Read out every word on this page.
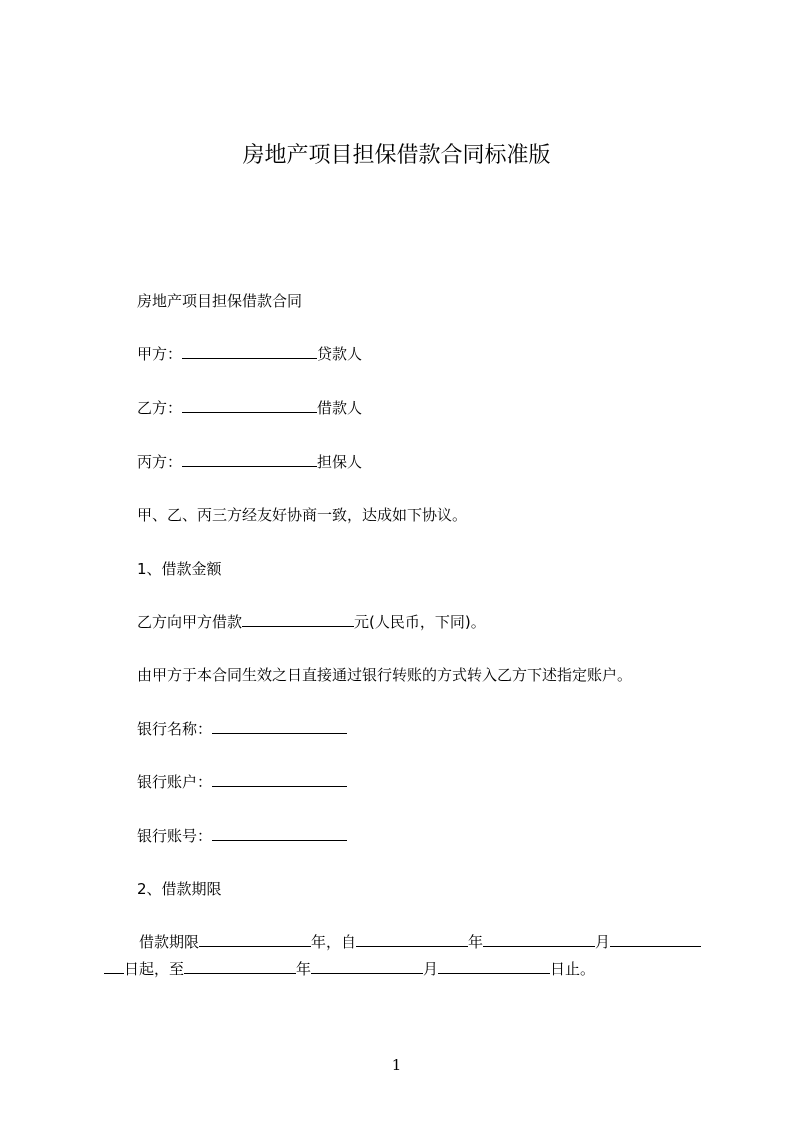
房地产项目担保借款合同标准版
房地产项目担保借款合同
甲方：	贷款人
乙方：	借款人
丙方：	担保人
甲、乙、丙三方经友好协商一致，达成如下协议。
1、借款金额
乙方向甲方借款	元(人民币，下同)。
由甲方于本合同生效之日直接通过银行转账的方式转入乙方下述指定账户。
银行名称：
银行账户：
银行账号：
2、借款期限
借款期限	年，自	年	月
日起，至	年	月	日止。
1
